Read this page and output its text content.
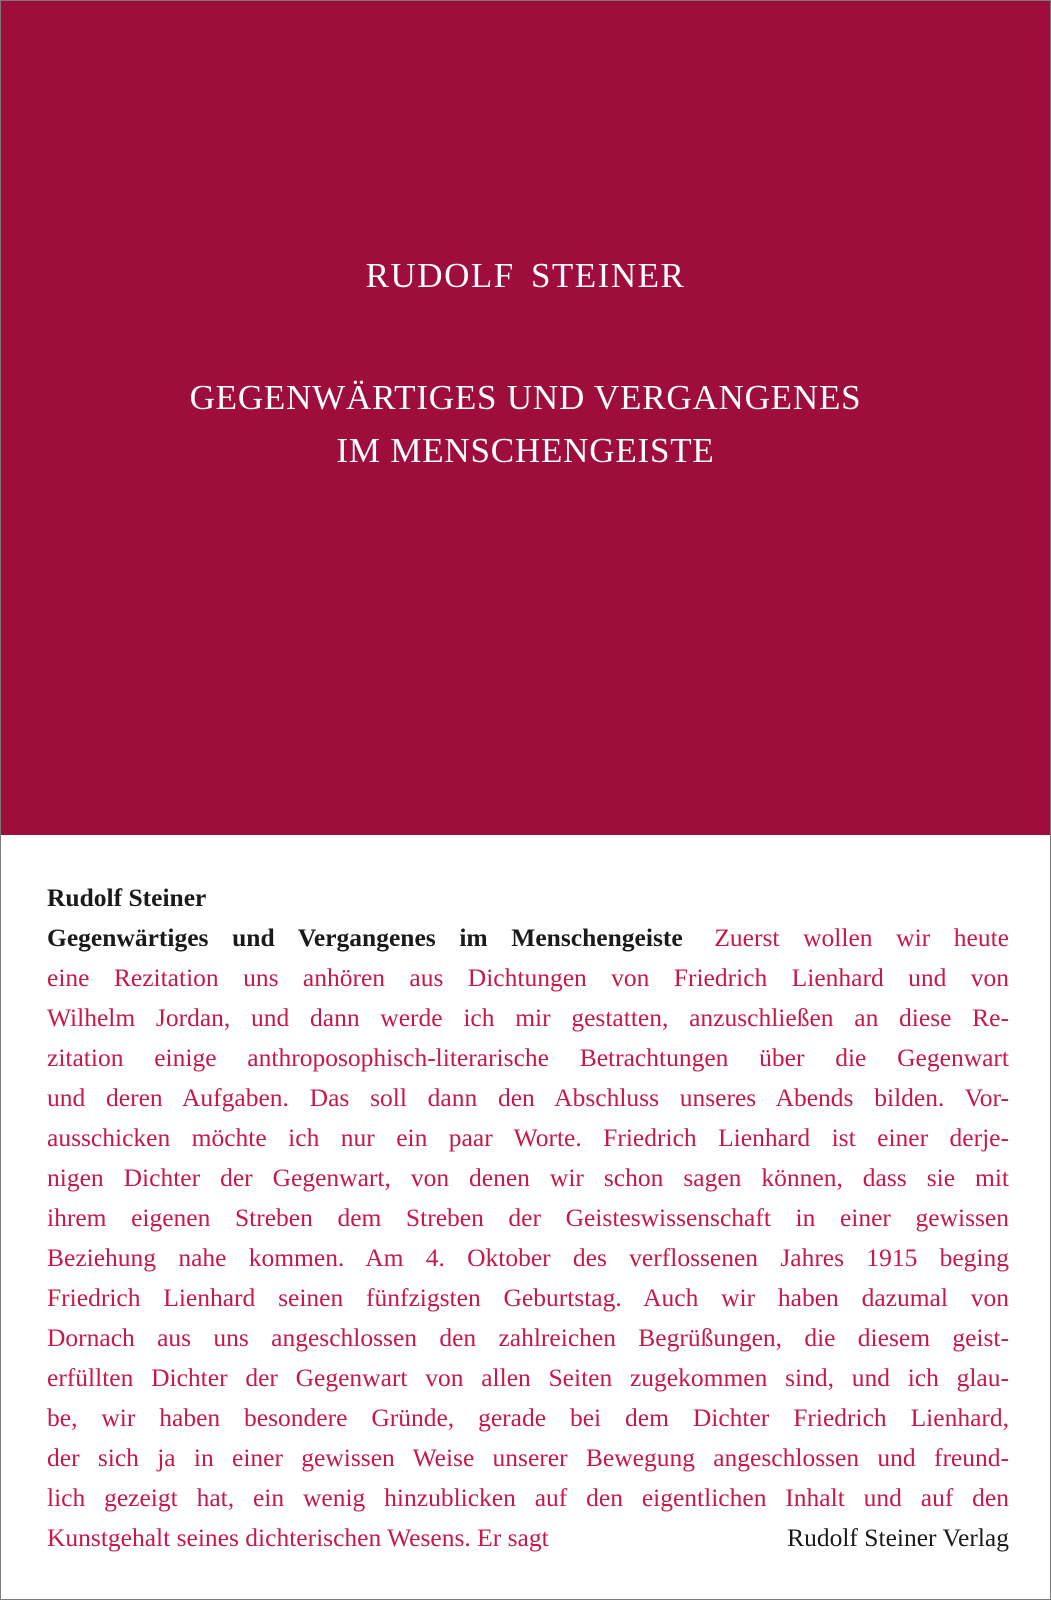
RUDOLF STEINER
GEGENWÄRTIGES UND VERGANGENES
IM MENSCHENGEISTE
Rudolf Steiner
Gegenwärtiges und Vergangenes im Menschengeiste Zuerst wollen wir heute
eine Rezitation uns anhören aus Dichtungen von Friedrich Lienhard und von
Wilhelm Jordan, und dann werde ich mir gestatten, anzuschließen an diese Re-
zitation einige anthroposophisch-literarische Betrachtungen über die Gegenwart
und deren Aufgaben. Das soll dann den Abschluss unseres Abends bilden. Vor-
ausschicken möchte ich nur ein paar Worte. Friedrich Lienhard ist einer derje-
nigen Dichter der Gegenwart, von denen wir schon sagen können, dass sie mit
ihrem eigenen Streben dem Streben der Geisteswissenschaft in einer gewissen
Beziehung nahe kommen. Am 4. Oktober des verflossenen Jahres 1915 beging
Friedrich Lienhard seinen fünfzigsten Geburtstag. Auch wir haben dazumal von
Dornach aus uns angeschlossen den zahlreichen Begrüßungen, die diesem geist-
erfüllten Dichter der Gegenwart von allen Seiten zugekommen sind, und ich glau-
be, wir haben besondere Gründe, gerade bei dem Dichter Friedrich Lienhard,
der sich ja in einer gewissen Weise unserer Bewegung angeschlossen und freund-
lich gezeigt hat, ein wenig hinzublicken auf den eigentlichen Inhalt und auf den
Kunstgehalt seines dichterischen Wesens. Er sagt	Rudolf Steiner Verlag
